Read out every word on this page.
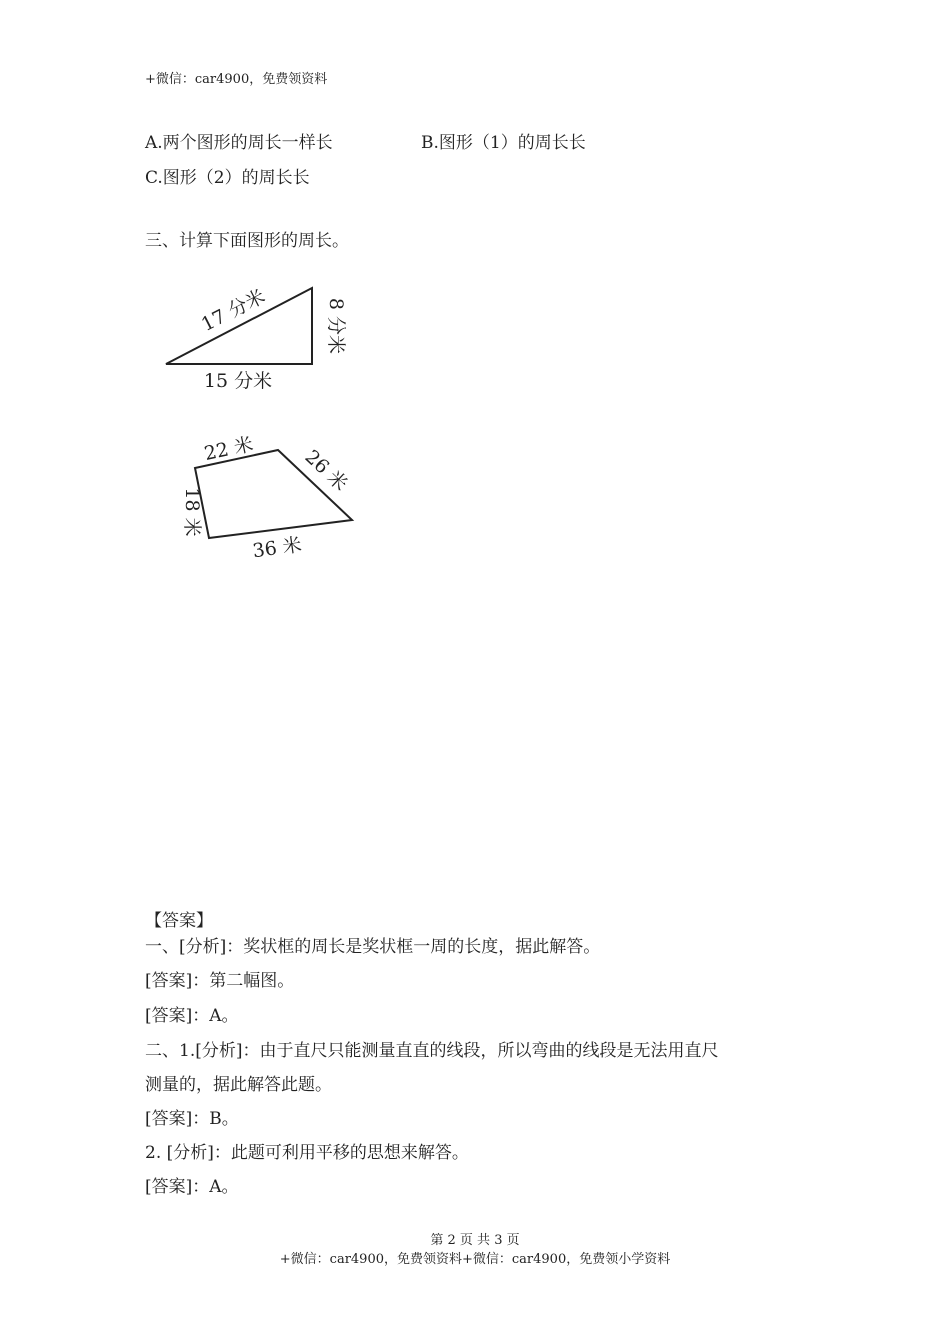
+微信：car4900，免费领资料
A.两个图形的周长一样长	B.图形（1）的周长长
C.图形（2）的周长长
三、计算下面图形的周长。
17 分米	8 分米
15 分米
22 米 26 米
18 米
36 米
【答案】
一、[分析]：奖状框的周长是奖状框一周的长度，据此解答。
[答案]：第二幅图。
[答案]：A。
二、1.[分析]：由于直尺只能测量直直的线段，所以弯曲的线段是无法用直尺
测量的，据此解答此题。
[答案]：B。
2. [分析]：此题可利用平移的思想来解答。
[答案]：A。
第 2 页 共 3 页
+微信：car4900，免费领资料+微信：car4900，免费领小学资料
